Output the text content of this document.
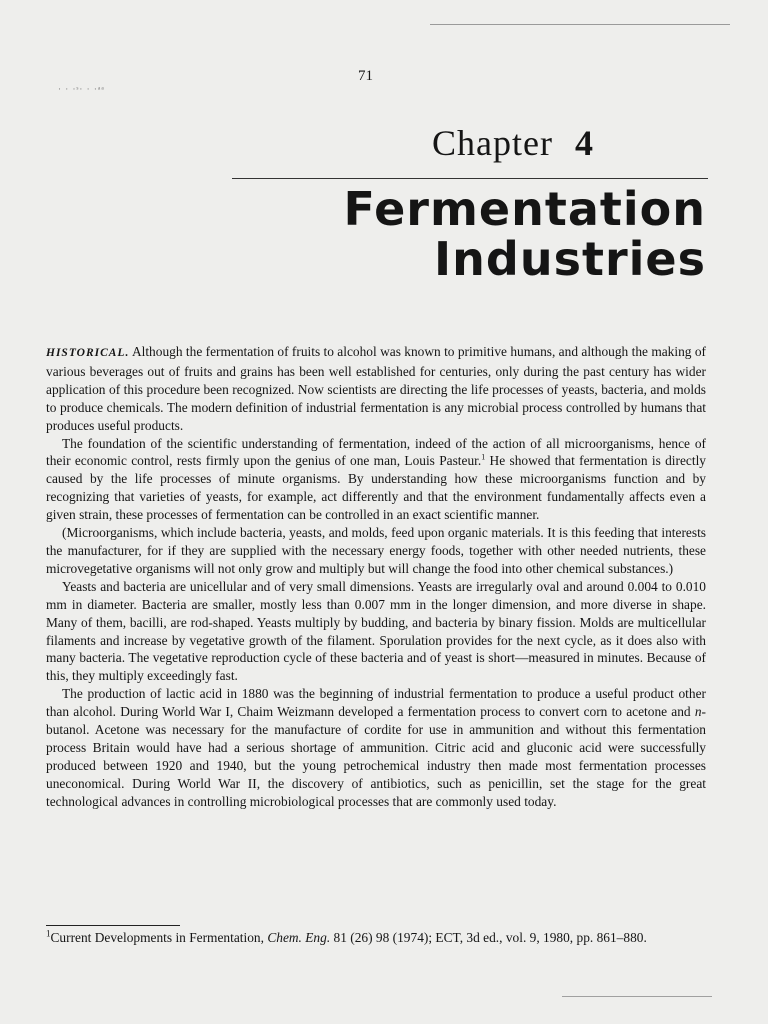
· · ·ˢ· · ·ᵃᵃ
71
Chapter 4
Fermentation
Industries

HISTORICAL. Although the fermentation of fruits to alcohol was known to primitive humans, and although the making of various beverages out of fruits and grains has been well established for centuries, only during the past century has wider application of this procedure been recognized. Now scientists are directing the life processes of yeasts, bacteria, and molds to produce chemicals. The modern definition of industrial fermentation is any microbial process controlled by humans that produces useful products.

The foundation of the scientific understanding of fermentation, indeed of the action of all microorganisms, hence of their economic control, rests firmly upon the genius of one man, Louis Pasteur.$^1$ He showed that fermentation is directly caused by the life processes of minute organisms. By understanding how these microorganisms function and by recognizing that varieties of yeasts, for example, act differently and that the environment fundamentally affects even a given strain, these processes of fermentation can be controlled in an exact scientific manner.

(Microorganisms, which include bacteria, yeasts, and molds, feed upon organic materials. It is this feeding that interests the manufacturer, for if they are supplied with the necessary energy foods, together with other needed nutrients, these microvegetative organisms will not only grow and multiply but will change the food into other chemical substances.)

Yeasts and bacteria are unicellular and of very small dimensions. Yeasts are irregularly oval and around 0.004 to 0.010 mm in diameter. Bacteria are smaller, mostly less than 0.007 mm in the longer dimension, and more diverse in shape. Many of them, bacilli, are rod-shaped. Yeasts multiply by budding, and bacteria by binary fission. Molds are multicellular filaments and increase by vegetative growth of the filament. Sporulation provides for the next cycle, as it does also with many bacteria. The vegetative reproduction cycle of these bacteria and of yeast is short—measured in minutes. Because of this, they multiply exceedingly fast.

The production of lactic acid in 1880 was the beginning of industrial fermentation to produce a useful product other than alcohol. During World War I, Chaim Weizmann developed a fermentation process to convert corn to acetone and n-butanol. Acetone was necessary for the manufacture of cordite for use in ammunition and without this fermentation process Britain would have had a serious shortage of ammunition. Citric acid and gluconic acid were successfully produced between 1920 and 1940, but the young petrochemical industry then made most fermentation processes uneconomical. During World War II, the discovery of antibiotics, such as penicillin, set the stage for the great technological advances in controlling microbiological processes that are commonly used today.

$^1$Current Developments in Fermentation, Chem. Eng. 81 (26) 98 (1974); ECT, 3d ed., vol. 9, 1980, pp. 861–880.
